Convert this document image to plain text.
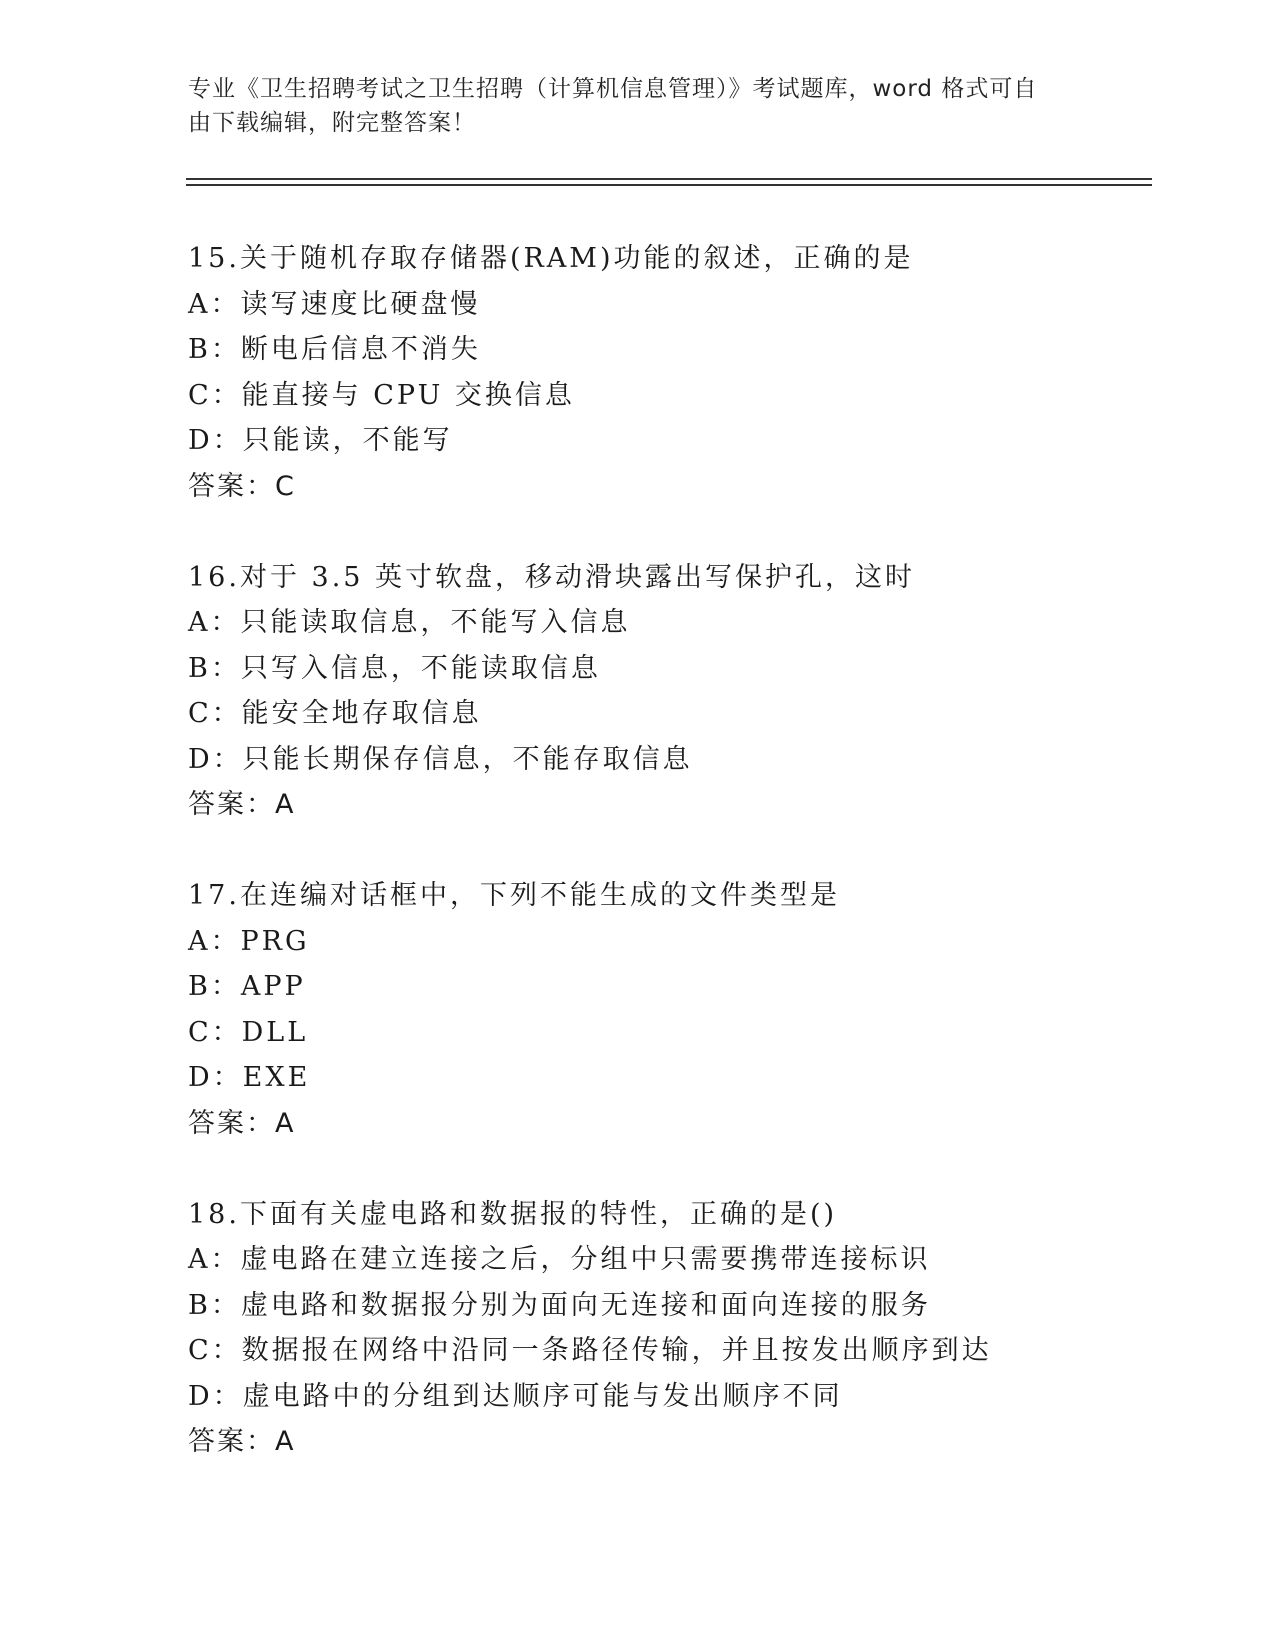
专业《卫生招聘考试之卫生招聘（计算机信息管理）》考试题库，word 格式可自
由下载编辑，附完整答案！
15.关于随机存取存储器(RAM)功能的叙述，正确的是
A：读写速度比硬盘慢
B：断电后信息不消失
C：能直接与 CPU 交换信息
D：只能读，不能写
答案：C
16.对于 3.5 英寸软盘，移动滑块露出写保护孔，这时
A：只能读取信息，不能写入信息
B：只写入信息，不能读取信息
C：能安全地存取信息
D：只能长期保存信息，不能存取信息
答案：A
17.在连编对话框中，下列不能生成的文件类型是
A：PRG
B：APP
C：DLL
D：EXE
答案：A
18.下面有关虚电路和数据报的特性，正确的是()
A：虚电路在建立连接之后，分组中只需要携带连接标识
B：虚电路和数据报分别为面向无连接和面向连接的服务
C：数据报在网络中沿同一条路径传输，并且按发出顺序到达
D：虚电路中的分组到达顺序可能与发出顺序不同
答案：A
